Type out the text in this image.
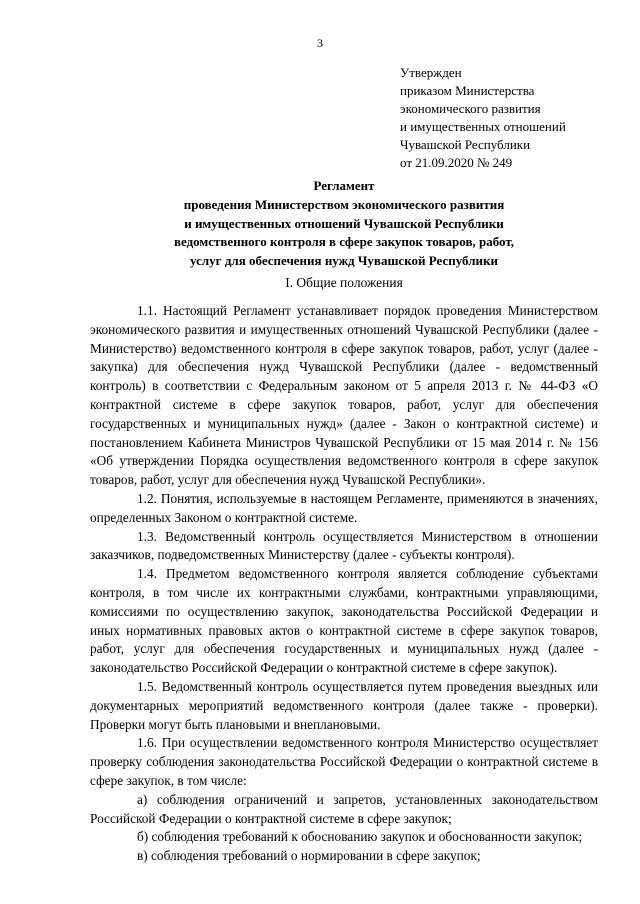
3
Утвержден
приказом Министерства
экономического развития
и имущественных отношений
Чувашской Республики
от 21.09.2020 № 249
Регламент
проведения Министерством экономического развития
и имущественных отношений Чувашской Республики
ведомственного контроля в сфере закупок товаров, работ,
услуг для обеспечения нужд Чувашской Республики
I. Общие положения

1.1. Настоящий Регламент устанавливает порядок проведения Министерством экономического развития и имущественных отношений Чувашской Республики (далее - Министерство) ведомственного контроля в сфере закупок товаров, работ, услуг (далее - закупка) для обеспечения нужд Чувашской Республики (далее - ведомственный контроль) в соответствии с Федеральным законом от 5 апреля 2013 г. № 44-ФЗ «О контрактной системе в сфере закупок товаров, работ, услуг для обеспечения государственных и муниципальных нужд» (далее - Закон о контрактной системе) и постановлением Кабинета Министров Чувашской Республики от 15 мая 2014 г. № 156 «Об утверждении Порядка осуществления ведомственного контроля в сфере закупок товаров, работ, услуг для обеспечения нужд Чувашской Республики».

1.2. Понятия, используемые в настоящем Регламенте, применяются в значениях, определенных Законом о контрактной системе.

1.3. Ведомственный контроль осуществляется Министерством в отношении заказчиков, подведомственных Министерству (далее - субъекты контроля).

1.4. Предметом ведомственного контроля является соблюдение субъектами контроля, в том числе их контрактными службами, контрактными управляющими, комиссиями по осуществлению закупок, законодательства Российской Федерации и иных нормативных правовых актов о контрактной системе в сфере закупок товаров, работ, услуг для обеспечения государственных и муниципальных нужд (далее - законодательство Российской Федерации о контрактной системе в сфере закупок).

1.5. Ведомственный контроль осуществляется путем проведения выездных или документарных мероприятий ведомственного контроля (далее также - проверки). Проверки могут быть плановыми и внеплановыми.

1.6. При осуществлении ведомственного контроля Министерство осуществляет проверку соблюдения законодательства Российской Федерации о контрактной системе в сфере закупок, в том числе:

а) соблюдения ограничений и запретов, установленных законодательством Российской Федерации о контрактной системе в сфере закупок;

б) соблюдения требований к обоснованию закупок и обоснованности закупок;

в) соблюдения требований о нормировании в сфере закупок;
